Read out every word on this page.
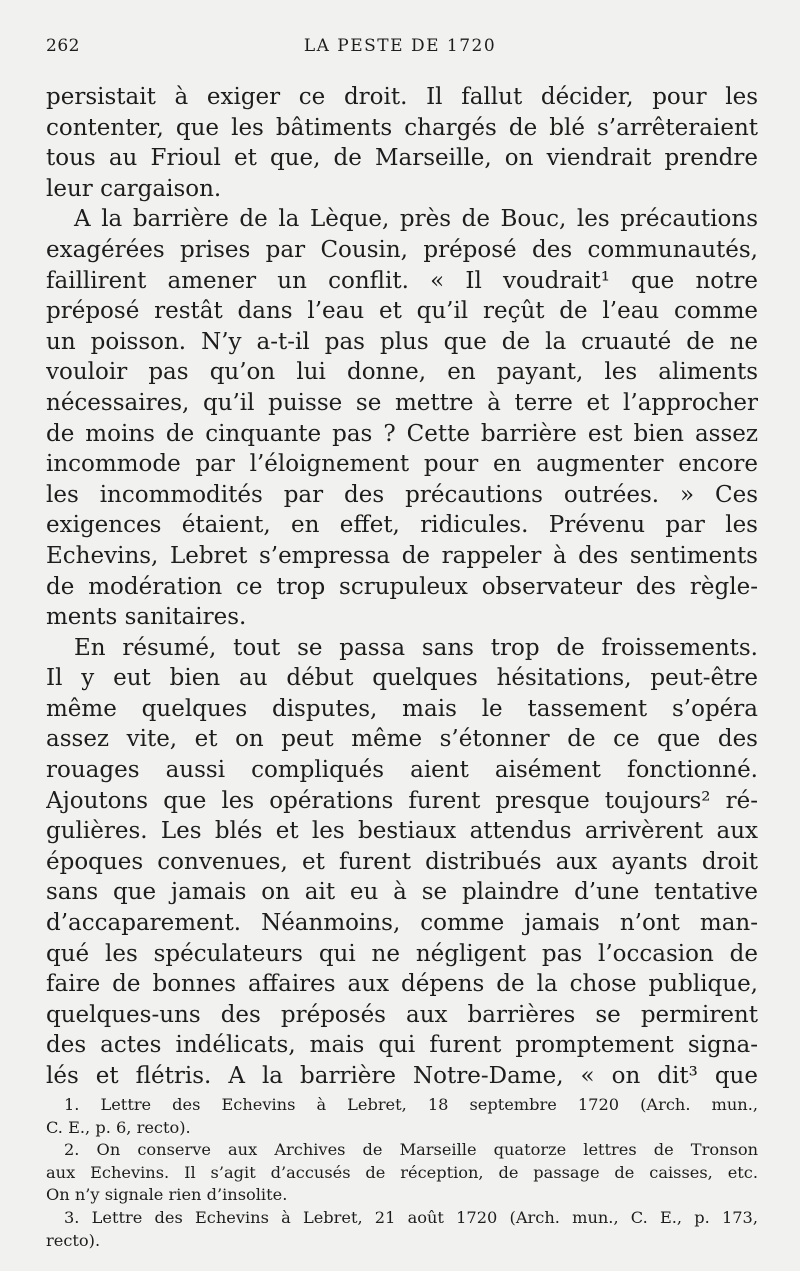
262	LA PESTE DE 1720
persistait à exiger ce droit. Il fallut décider, pour les
contenter, que les bâtiments chargés de blé s’arrêteraient
tous au Frioul et que, de Marseille, on viendrait prendre
leur cargaison.
A la barrière de la Lèque, près de Bouc, les précautions
exagérées prises par Cousin, préposé des communautés,
faillirent amener un conflit. « Il voudrait¹ que notre
préposé restât dans l’eau et qu’il reçût de l’eau comme
un poisson. N’y a-t-il pas plus que de la cruauté de ne
vouloir pas qu’on lui donne, en payant, les aliments
nécessaires, qu’il puisse se mettre à terre et l’approcher
de moins de cinquante pas ? Cette barrière est bien assez
incommode par l’éloignement pour en augmenter encore
les incommodités par des précautions outrées. » Ces
exigences étaient, en effet, ridicules. Prévenu par les
Echevins, Lebret s’empressa de rappeler à des sentiments
de modération ce trop scrupuleux observateur des règle-
ments sanitaires.
En résumé, tout se passa sans trop de froissements.
Il y eut bien au début quelques hésitations, peut-être
même quelques disputes, mais le tassement s’opéra
assez vite, et on peut même s’étonner de ce que des
rouages aussi compliqués aient aisément fonctionné.
Ajoutons que les opérations furent presque toujours² ré-
gulières. Les blés et les bestiaux attendus arrivèrent aux
époques convenues, et furent distribués aux ayants droit
sans que jamais on ait eu à se plaindre d’une tentative
d’accaparement. Néanmoins, comme jamais n’ont man-
qué les spéculateurs qui ne négligent pas l’occasion de
faire de bonnes affaires aux dépens de la chose publique,
quelques-uns des préposés aux barrières se permirent
des actes indélicats, mais qui furent promptement signa-
lés et flétris. A la barrière Notre-Dame, « on dit³ que
1. Lettre des Echevins à Lebret, 18 septembre 1720 (Arch. mun.,
C. E., p. 6, recto).
2. On conserve aux Archives de Marseille quatorze lettres de Tronson
aux Echevins. Il s’agit d’accusés de réception, de passage de caisses, etc.
On n’y signale rien d’insolite.
3. Lettre des Echevins à Lebret, 21 août 1720 (Arch. mun., C. E., p. 173,
recto).
